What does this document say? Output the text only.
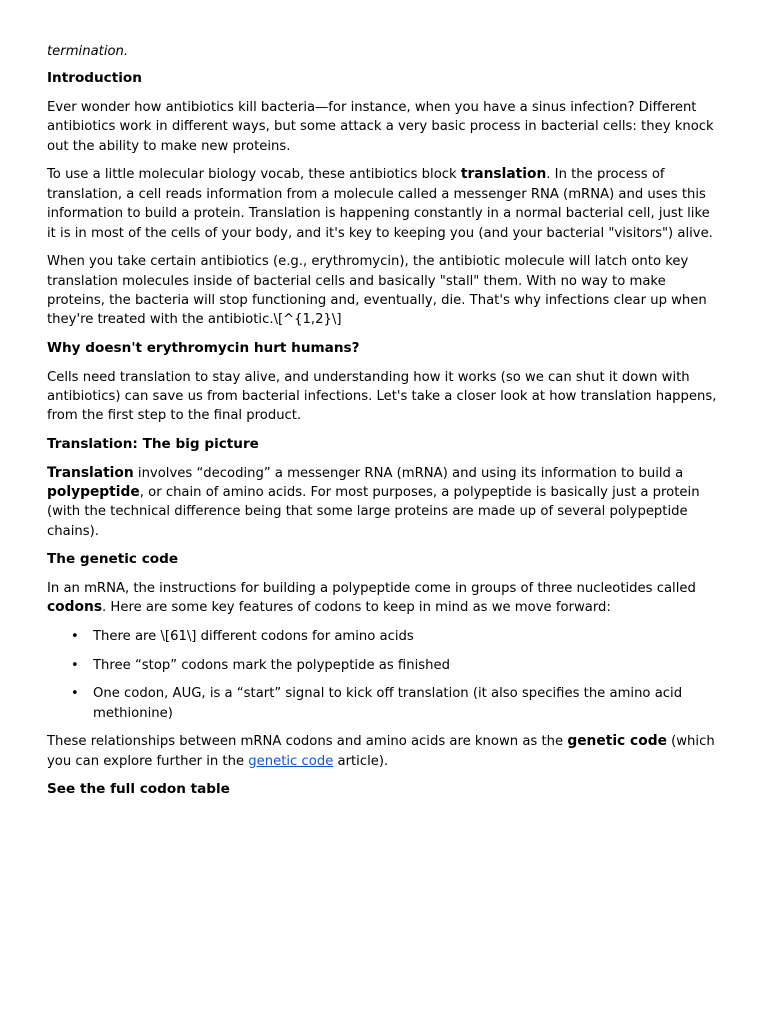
termination.

Introduction

Ever wonder how antibiotics kill bacteria—for instance, when you have a sinus infection? Different antibiotics work in different ways, but some attack a very basic process in bacterial cells: they knock out the ability to make new proteins.

To use a little molecular biology vocab, these antibiotics block translation. In the process of translation, a cell reads information from a molecule called a messenger RNA (mRNA) and uses this information to build a protein. Translation is happening constantly in a normal bacterial cell, just like it is in most of the cells of your body, and it's key to keeping you (and your bacterial "visitors") alive.

When you take certain antibiotics (e.g., erythromycin), the antibiotic molecule will latch onto key translation molecules inside of bacterial cells and basically "stall" them. With no way to make proteins, the bacteria will stop functioning and, eventually, die. That's why infections clear up when they're treated with the antibiotic.\[^{1,2}\]

Why doesn't erythromycin hurt humans?

Cells need translation to stay alive, and understanding how it works (so we can shut it down with antibiotics) can save us from bacterial infections. Let's take a closer look at how translation happens, from the first step to the final product.

Translation: The big picture

Translation involves “decoding” a messenger RNA (mRNA) and using its information to build a polypeptide, or chain of amino acids. For most purposes, a polypeptide is basically just a protein (with the technical difference being that some large proteins are made up of several polypeptide chains).

The genetic code

In an mRNA, the instructions for building a polypeptide come in groups of three nucleotides called codons. Here are some key features of codons to keep in mind as we move forward:

• There are \[61\] different codons for amino acids
• Three “stop” codons mark the polypeptide as finished
• One codon, AUG, is a “start” signal to kick off translation (it also specifies the amino acid methionine)

These relationships between mRNA codons and amino acids are known as the genetic code (which you can explore further in the genetic code article).

See the full codon table
